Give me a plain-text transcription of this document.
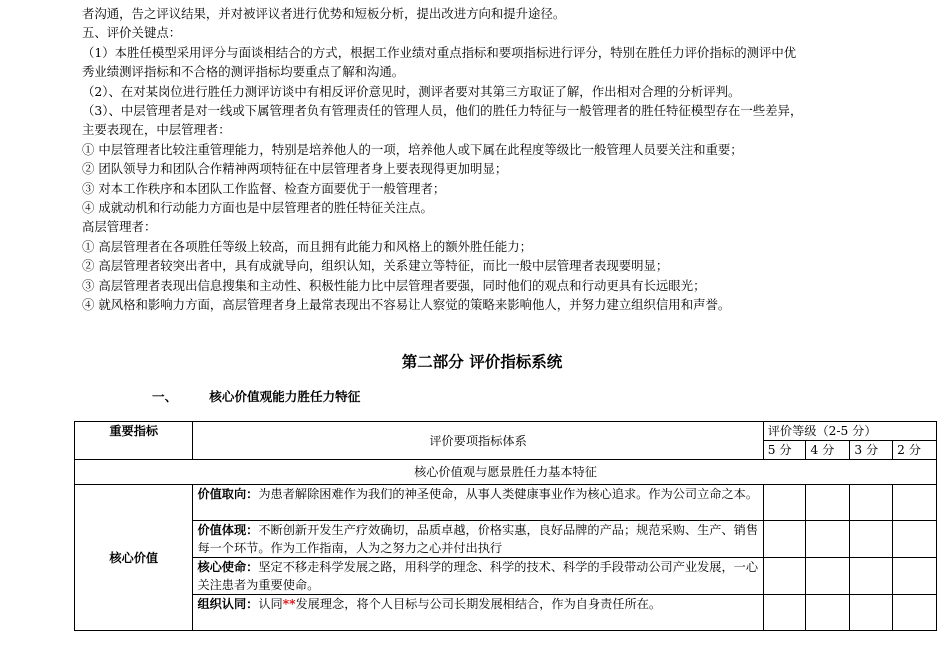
者沟通，告之评议结果，并对被评议者进行优势和短板分析，提出改进方向和提升途径。

五、评价关键点：

（1）本胜任模型采用评分与面谈相结合的方式，根据工作业绩对重点指标和要项指标进行评分，特别在胜任力评价指标的测评中优

秀业绩测评指标和不合格的测评指标均要重点了解和沟通。

（2）、在对某岗位进行胜任力测评访谈中有相反评价意见时，测评者要对其第三方取证了解，作出相对合理的分析评判。

（3）、中层管理者是对一线或下属管理者负有管理责任的管理人员，他们的胜任力特征与一般管理者的胜任特征模型存在一些差异，

主要表现在，中层管理者：

① 中层管理者比较注重管理能力，特别是培养他人的一项，培养他人或下属在此程度等级比一般管理人员要关注和重要；

② 团队领导力和团队合作精神两项特征在中层管理者身上要表现得更加明显；

③ 对本工作秩序和本团队工作监督、检查方面要优于一般管理者；

④ 成就动机和行动能力方面也是中层管理者的胜任特征关注点。

高层管理者：

① 高层管理者在各项胜任等级上较高，而且拥有此能力和风格上的额外胜任能力；

② 高层管理者较突出者中，具有成就导向，组织认知，关系建立等特征，而比一般中层管理者表现要明显；

③ 高层管理者表现出信息搜集和主动性、积极性能力比中层管理者要强，同时他们的观点和行动更具有长远眼光；

④ 就风格和影响力方面，高层管理者身上最常表现出不容易让人察觉的策略来影响他人，并努力建立组织信用和声誉。

第二部分 评价指标系统
一、	核心价值观能力胜任力特征
重要指标	评价要项指标体系	评价等级（2-5 分）			
		5 分	4 分	3 分	2 分
核心价值观与愿景胜任力基本特征					
核心价值	价值取向：为患者解除困难作为我们的神圣使命，从事人类健康事业作为核心追求。作为公司立命之本。				
	价值体现：不断创新开发生产疗效确切，品质卓越，价格实惠，良好品牌的产品；规范采购、生产、销售每一个环节。作为工作指南，人为之努力之心并付出执行				
	核心使命：坚定不移走科学发展之路，用科学的理念、科学的技术、科学的手段带动公司产业发展，一心关注患者为重要使命。				
	组织认同：认同**发展理念，将个人目标与公司长期发展相结合，作为自身责任所在。				
